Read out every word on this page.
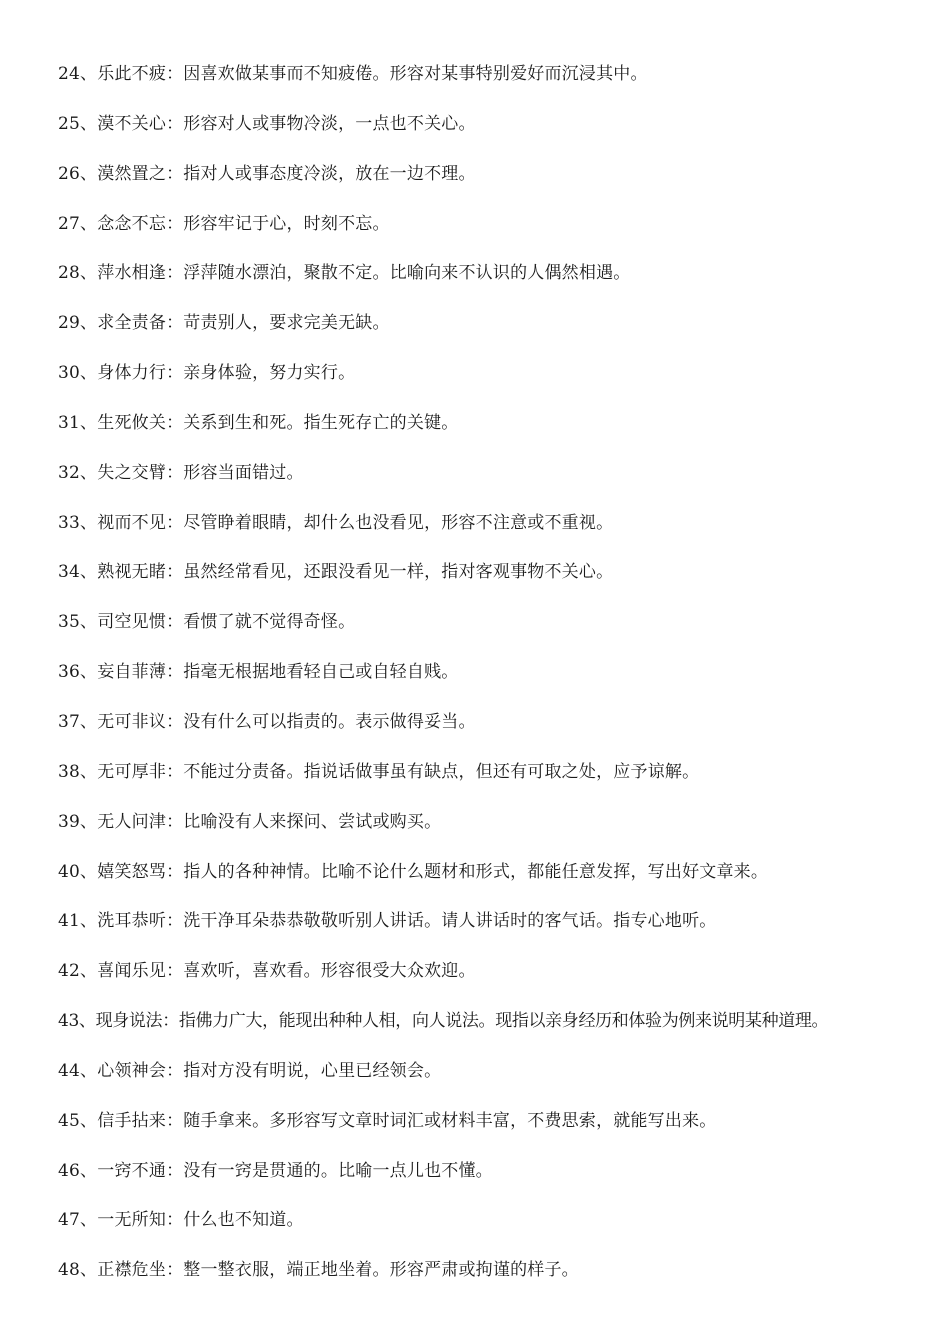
24、乐此不疲：因喜欢做某事而不知疲倦。形容对某事特别爱好而沉浸其中。
25、漠不关心：形容对人或事物冷淡，一点也不关心。
26、漠然置之：指对人或事态度冷淡，放在一边不理。
27、念念不忘：形容牢记于心，时刻不忘。
28、萍水相逢：浮萍随水漂泊，聚散不定。比喻向来不认识的人偶然相遇。
29、求全责备：苛责别人，要求完美无缺。
30、身体力行：亲身体验，努力实行。
31、生死攸关：关系到生和死。指生死存亡的关键。
32、失之交臂：形容当面错过。
33、视而不见：尽管睁着眼睛，却什么也没看见，形容不注意或不重视。
34、熟视无睹：虽然经常看见，还跟没看见一样，指对客观事物不关心。
35、司空见惯：看惯了就不觉得奇怪。
36、妄自菲薄：指毫无根据地看轻自己或自轻自贱。
37、无可非议：没有什么可以指责的。表示做得妥当。
38、无可厚非：不能过分责备。指说话做事虽有缺点，但还有可取之处，应予谅解。
39、无人问津：比喻没有人来探问、尝试或购买。
40、嬉笑怒骂：指人的各种神情。比喻不论什么题材和形式，都能任意发挥，写出好文章来。
41、洗耳恭听：洗干净耳朵恭恭敬敬听别人讲话。请人讲话时的客气话。指专心地听。
42、喜闻乐见：喜欢听，喜欢看。形容很受大众欢迎。
43、现身说法：指佛力广大，能现出种种人相，向人说法。现指以亲身经历和体验为例来说明某种道理。
44、心领神会：指对方没有明说，心里已经领会。
45、信手拈来：随手拿来。多形容写文章时词汇或材料丰富，不费思索，就能写出来。
46、一窍不通：没有一窍是贯通的。比喻一点儿也不懂。
47、一无所知：什么也不知道。
48、正襟危坐：整一整衣服，端正地坐着。形容严肃或拘谨的样子。
